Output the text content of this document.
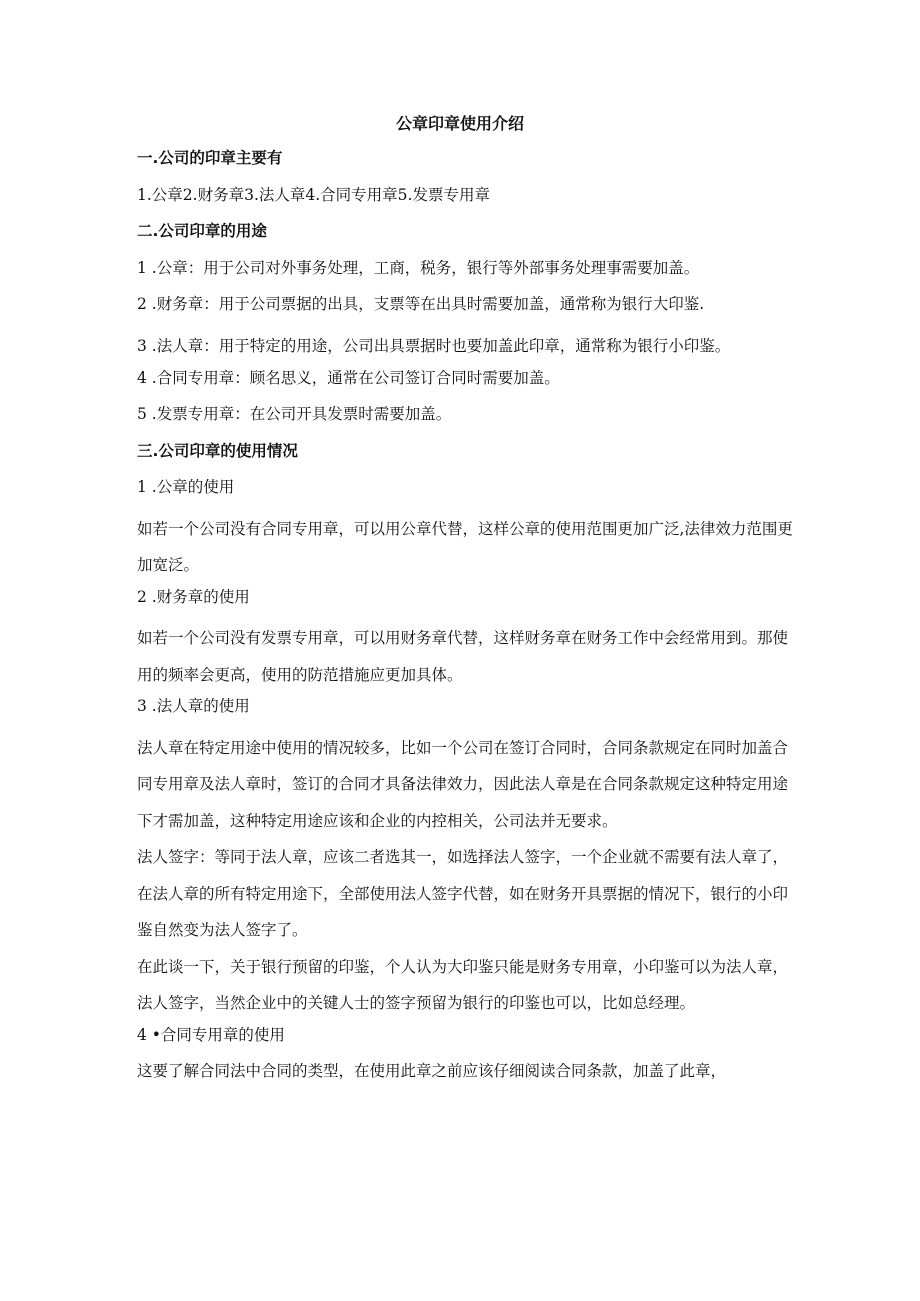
公章印章使用介绍
一.公司的印章主要有
1.公章2.财务章3.法人章4.合同专用章5.发票专用章
二.公司印章的用途
1 .公章：用于公司对外事务处理，工商，税务，银行等外部事务处理事需要加盖。
2 .财务章：用于公司票据的出具，支票等在出具时需要加盖，通常称为银行大印鉴.
3 .法人章：用于特定的用途，公司出具票据时也要加盖此印章，通常称为银行小印鉴。
4 .合同专用章：顾名思义，通常在公司签订合同时需要加盖。
5 .发票专用章：在公司开具发票时需要加盖。
三.公司印章的使用情况
1 .公章的使用
如若一个公司没有合同专用章，可以用公章代替，这样公章的使用范围更加广泛,法律效力范围更加宽泛。
2 .财务章的使用
如若一个公司没有发票专用章，可以用财务章代替，这样财务章在财务工作中会经常用到。那使用的频率会更高，使用的防范措施应更加具体。
3 .法人章的使用
法人章在特定用途中使用的情况较多，比如一个公司在签订合同时，合同条款规定在同时加盖合同专用章及法人章时，签订的合同才具备法律效力，因此法人章是在合同条款规定这种特定用途下才需加盖，这种特定用途应该和企业的内控相关，公司法并无要求。
法人签字：等同于法人章，应该二者选其一，如选择法人签字，一个企业就不需要有法人章了，在法人章的所有特定用途下，全部使用法人签字代替，如在财务开具票据的情况下，银行的小印鉴自然变为法人签字了。
在此谈一下，关于银行预留的印鉴，个人认为大印鉴只能是财务专用章，小印鉴可以为法人章，法人签字，当然企业中的关键人士的签字预留为银行的印鉴也可以，比如总经理。
4 •合同专用章的使用
这要了解合同法中合同的类型，在使用此章之前应该仔细阅读合同条款，加盖了此章，
